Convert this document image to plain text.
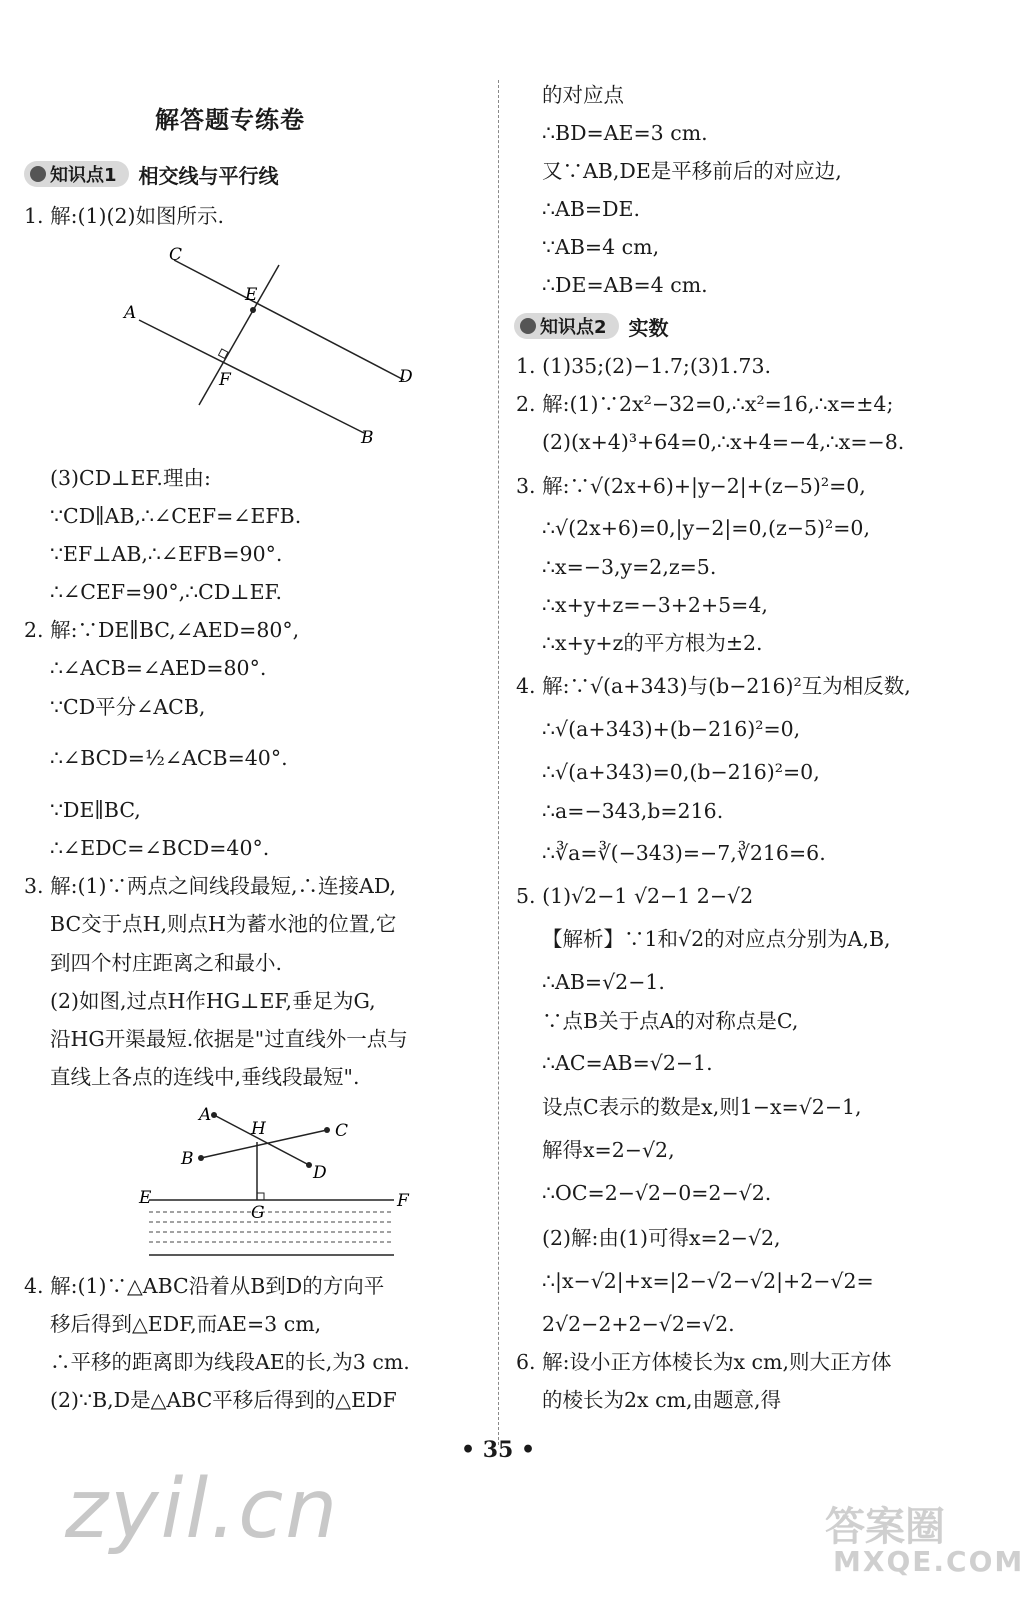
解答题专练卷
知识点1 相交线与平行线
1. 解:(1)(2)如图所示.
(3)CD⊥EF.理由:
∵CD∥AB,∴∠CEF=∠EFB.
∵EF⊥AB,∴∠EFB=90°.
∴∠CEF=90°,∴CD⊥EF.
2. 解:∵DE∥BC,∠AED=80°,
∴∠ACB=∠AED=80°.
∵CD平分∠ACB,
∴∠BCD=½∠ACB=40°.
∵DE∥BC,
∴∠EDC=∠BCD=40°.
3. 解:(1)∵两点之间线段最短,∴连接AD,
BC交于点H,则点H为蓄水池的位置,它
到四个村庄距离之和最小.
(2)如图,过点H作HG⊥EF,垂足为G,
沿HG开渠最短.依据是"过直线外一点与
直线上各点的连线中,垂线段最短".
4. 解:(1)∵△ABC沿着从B到D的方向平
移后得到△EDF,而AE=3 cm,
∴平移的距离即为线段AE的长,为3 cm.
(2)∵B,D是△ABC平移后得到的△EDF
C
E
A
F	D
B
A
H	C
B
D
E
G
F
知识点2 实数
的对应点
∴BD=AE=3 cm.
又∵AB,DE是平移前后的对应边,
∴AB=DE.
∵AB=4 cm,
∴DE=AB=4 cm.
1. (1)35;(2)−1.7;(3)1.73.
2. 解:(1)∵2x²−32=0,∴x²=16,∴x=±4;
(2)(x+4)³+64=0,∴x+4=−4,∴x=−8.
3. 解:∵√(2x+6)+|y−2|+(z−5)²=0,
∴√(2x+6)=0,|y−2|=0,(z−5)²=0,
∴x=−3,y=2,z=5.
∴x+y+z=−3+2+5=4,
∴x+y+z的平方根为±2.
4. 解:∵√(a+343)与(b−216)²互为相反数,
∴√(a+343)+(b−216)²=0,
∴√(a+343)=0,(b−216)²=0,
∴a=−343,b=216.
∴∛a=∛(−343)=−7,∛216=6.
5. (1)√2−1 √2−1 2−√2
【解析】∵1和√2的对应点分别为A,B,
∴AB=√2−1.
∵点B关于点A的对称点是C,
∴AC=AB=√2−1.
设点C表示的数是x,则1−x=√2−1,
解得x=2−√2,
∴OC=2−√2−0=2−√2.
(2)解:由(1)可得x=2−√2,
∴|x−√2|+x=|2−√2−√2|+2−√2=
2√2−2+2−√2=√2.
6. 解:设小正方体棱长为x cm,则大正方体
的棱长为2x cm,由题意,得
• 35 •
zyil.cn	答案圈
MXQE.COM
